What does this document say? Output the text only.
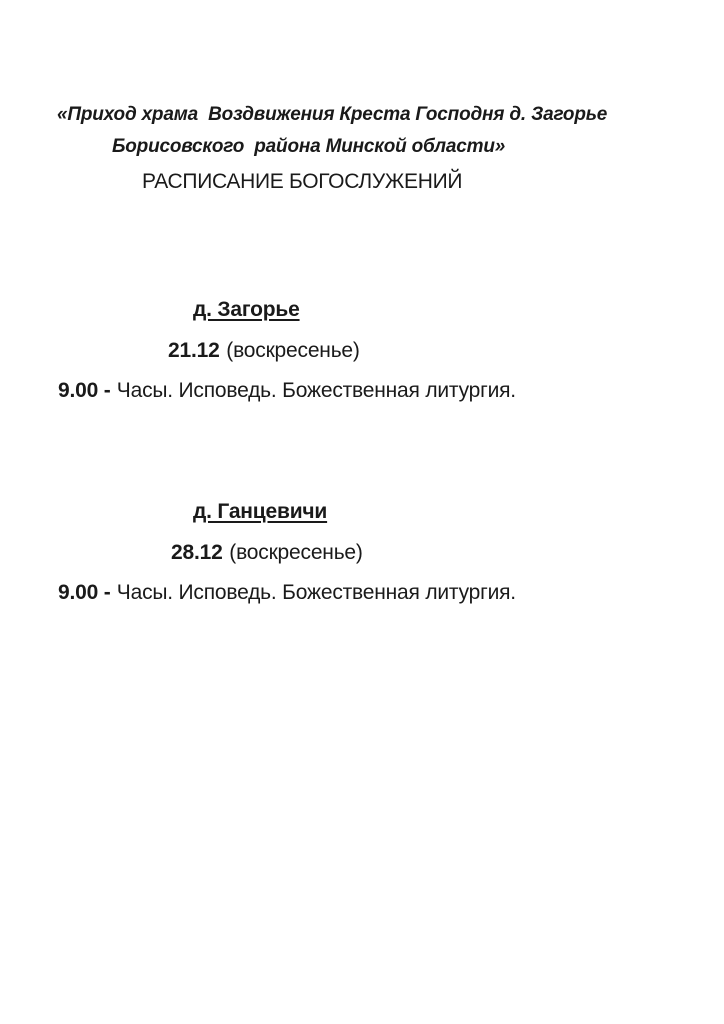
«Приход храма  Воздвижения Креста Господня д. Загорье
Борисовского  района Минской области»
РАСПИСАНИЕ БОГОСЛУЖЕНИЙ
д. Загорье
21.12 (воскресенье)
9.00 - Часы. Исповедь. Божественная литургия.
д. Ганцевичи
28.12 (воскресенье)
9.00 - Часы. Исповедь. Божественная литургия.
